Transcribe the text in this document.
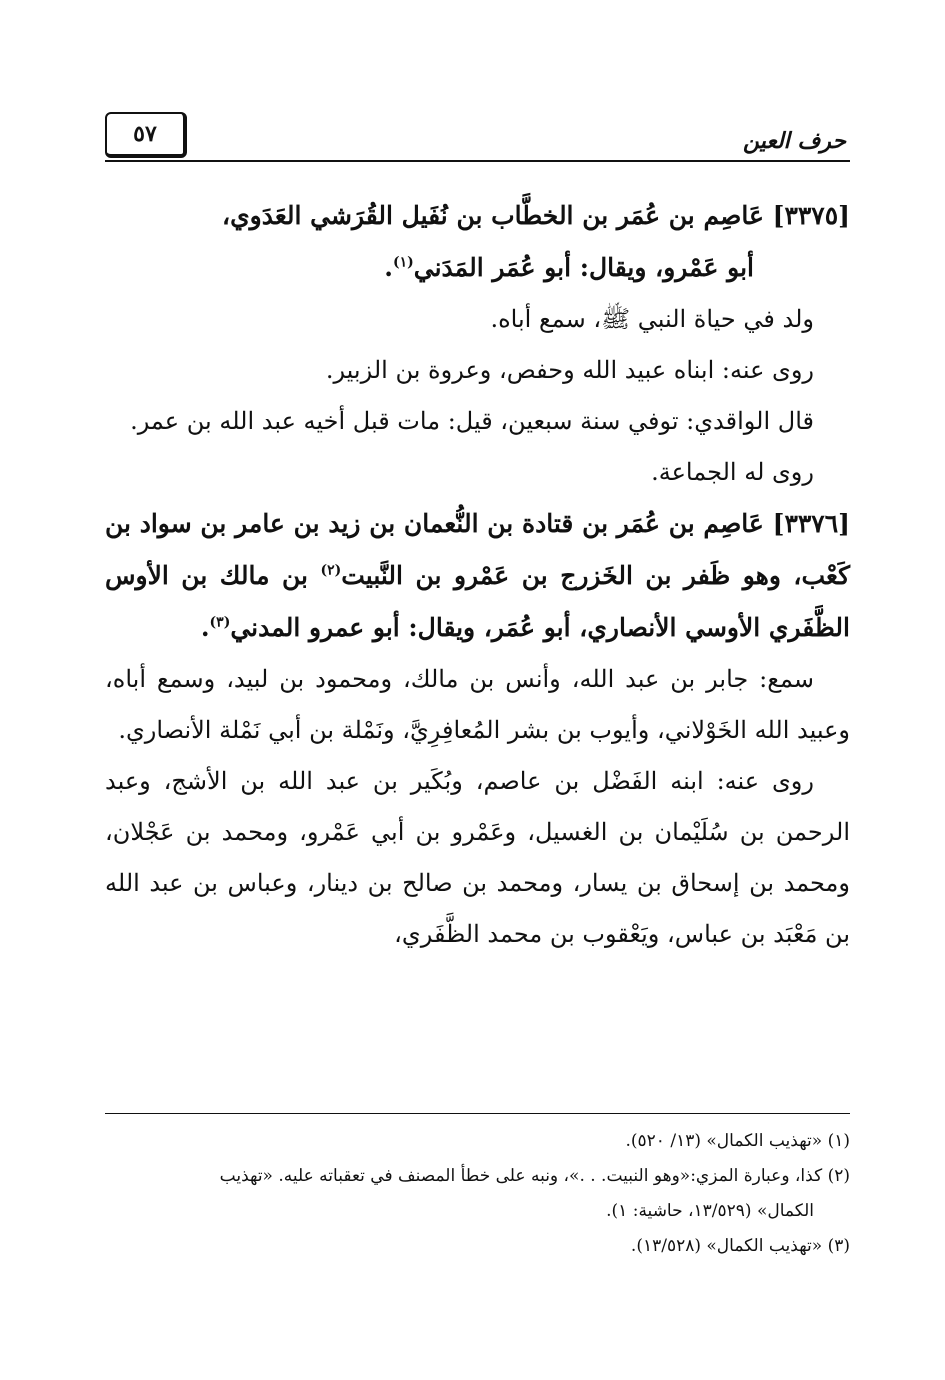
حرف العين
٥٧

[٣٣٧٥] عَاصِم بن عُمَر بن الخطَّاب بن نُفَيل القُرَشي العَدَوي،
أبو عَمْرو، ويقال: أبو عُمَر المَدَني$^{(١)}$.

ولد في حياة النبي ﷺ، سمع أباه.

روى عنه: ابناه عبيد الله وحفص، وعروة بن الزبير.

قال الواقدي: توفي سنة سبعين، قيل: مات قبل أخيه عبد الله بن عمر.

روى له الجماعة.

[٣٣٧٦] عَاصِم بن عُمَر بن قتادة بن النُّعمان بن زيد بن عامر بن سواد بن كَعْب، وهو ظَفر بن الخَزرج بن عَمْرو بن النَّبيت$^{(٢)}$ بن مالك بن الأوس الظَّفَري الأوسي الأنصاري، أبو عُمَر، ويقال: أبو عمرو المدني$^{(٣)}$.

سمع: جابر بن عبد الله، وأنس بن مالك، ومحمود بن لبيد، وسمع أباه، وعبيد الله الخَوْلاني، وأيوب بن بشر المُعافِرِيَّ، ونَمْلة بن أبي نَمْلة الأنصاري.

روى عنه: ابنه الفَضْل بن عاصم، وبُكَير بن عبد الله بن الأشج، وعبد الرحمن بن سُلَيْمان بن الغسيل، وعَمْرو بن أبي عَمْرو، ومحمد بن عَجْلان، ومحمد بن إسحاق بن يسار، ومحمد بن صالح بن دينار، وعباس بن عبد الله بن مَعْبَد بن عباس، ويَعْقوب بن محمد الظَّفَري،

(١) «تهذيب الكمال» (١٣/ ٥٢٠).

(٢) كذا، وعبارة المزي:«وهو النبيت. . .»، ونبه على خطأ المصنف في تعقباته عليه. «تهذيب
الكمال» (١٣/٥٢٩، حاشية: ١).

(٣) «تهذيب الكمال» (١٣/٥٢٨).
